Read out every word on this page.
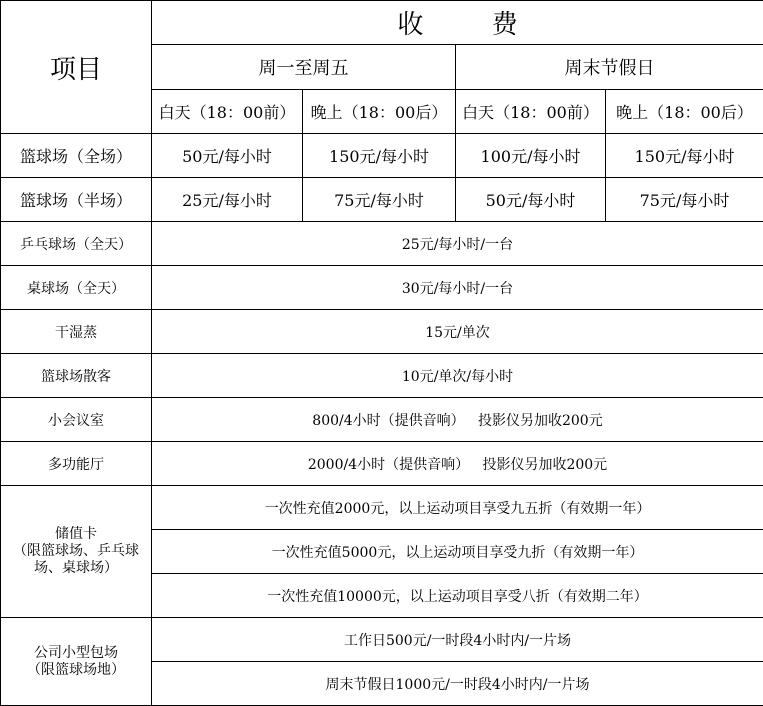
项目	收 费			
	周一至周五		周末节假日	
	白天（18：00前）	晚上（18：00后）	白天（18：00前）	晚上（18：00后）
篮球场（全场）	50元/每小时	150元/每小时	100元/每小时	150元/每小时
篮球场（半场）	25元/每小时	75元/每小时	50元/每小时	75元/每小时
乒乓球场（全天）	25元/每小时/一台			
桌球场（全天）	30元/每小时/一台			
干湿蒸	15元/单次			
篮球场散客	10元/单次/每小时			
小会议室	800/4小时（提供音响）   投影仪另加收200元			
多功能厅	2000/4小时（提供音响）   投影仪另加收200元			

储值卡
（限篮球场、乒乓球场、桌球场）	一次性充值2000元，以上运动项目享受九五折（有效期一年）			
	一次性充值5000元，以上运动项目享受九折（有效期一年）			
	一次性充值10000元，以上运动项目享受八折（有效期二年）			

公司小型包场
（限篮球场地）	工作日500元/一时段4小时内/一片场			
	周末节假日1000元/一时段4小时内/一片场			
